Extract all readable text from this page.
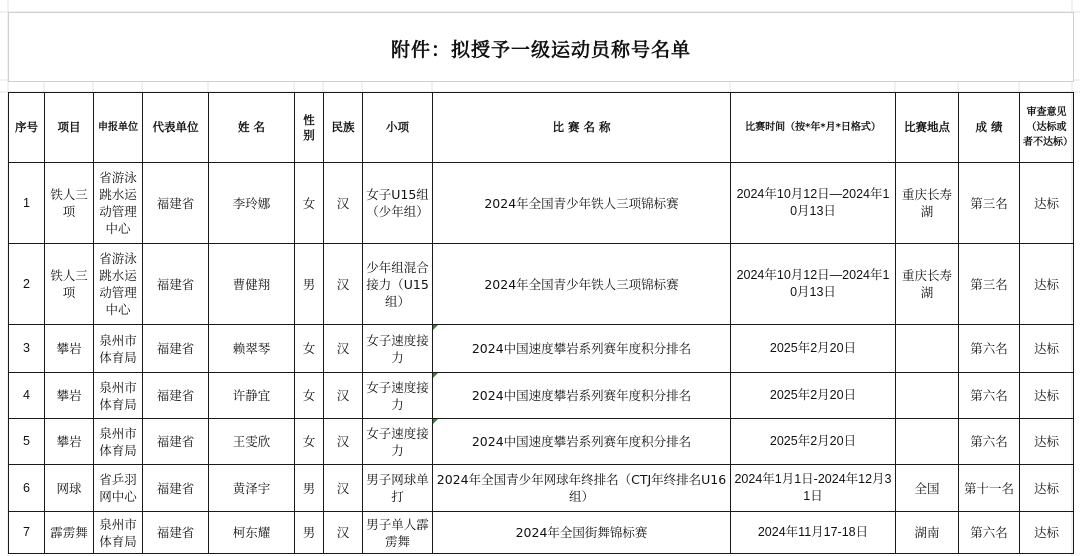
附件：拟授予一级运动员称号名单
序号	项目	申报单位	代表单位	姓 名	性别	民族	小项	比 赛 名 称	比赛时间（按*年*月*日格式）	比赛地点	成 绩	审查意见（达标或者不达标）
1	铁人三项	省游泳跳水运动管理中心	福建省	李玲娜	女	汉	女子U15组（少年组）	2024年全国青少年铁人三项锦标赛	2024年10月12日—2024年10月13日	重庆长寿湖	第三名	达标
2	铁人三项	省游泳跳水运动管理中心	福建省	曹健翔	男	汉	少年组混合接力（U15组）	2024年全国青少年铁人三项锦标赛	2024年10月12日—2024年10月13日	重庆长寿湖	第三名	达标
3	攀岩	泉州市体育局	福建省	赖翠琴	女	汉	女子速度接力	2024中国速度攀岩系列赛年度积分排名	2025年2月20日		第六名	达标
4	攀岩	泉州市体育局	福建省	许静宜	女	汉	女子速度接力	2024中国速度攀岩系列赛年度积分排名	2025年2月20日		第六名	达标
5	攀岩	泉州市体育局	福建省	王雯欣	女	汉	女子速度接力	2024中国速度攀岩系列赛年度积分排名	2025年2月20日		第六名	达标
6	网球	省乒羽网中心	福建省	黄泽宇	男	汉	男子网球单打	2024年全国青少年网球年终排名（CTJ年终排名U16组）	2024年1月1日-2024年12月31日	全国	第十一名	达标
7	霹雳舞	泉州市体育局	福建省	柯东耀	男	汉	男子单人霹雳舞	2024年全国街舞锦标赛	2024年11月17-18日	湖南	第六名	达标
